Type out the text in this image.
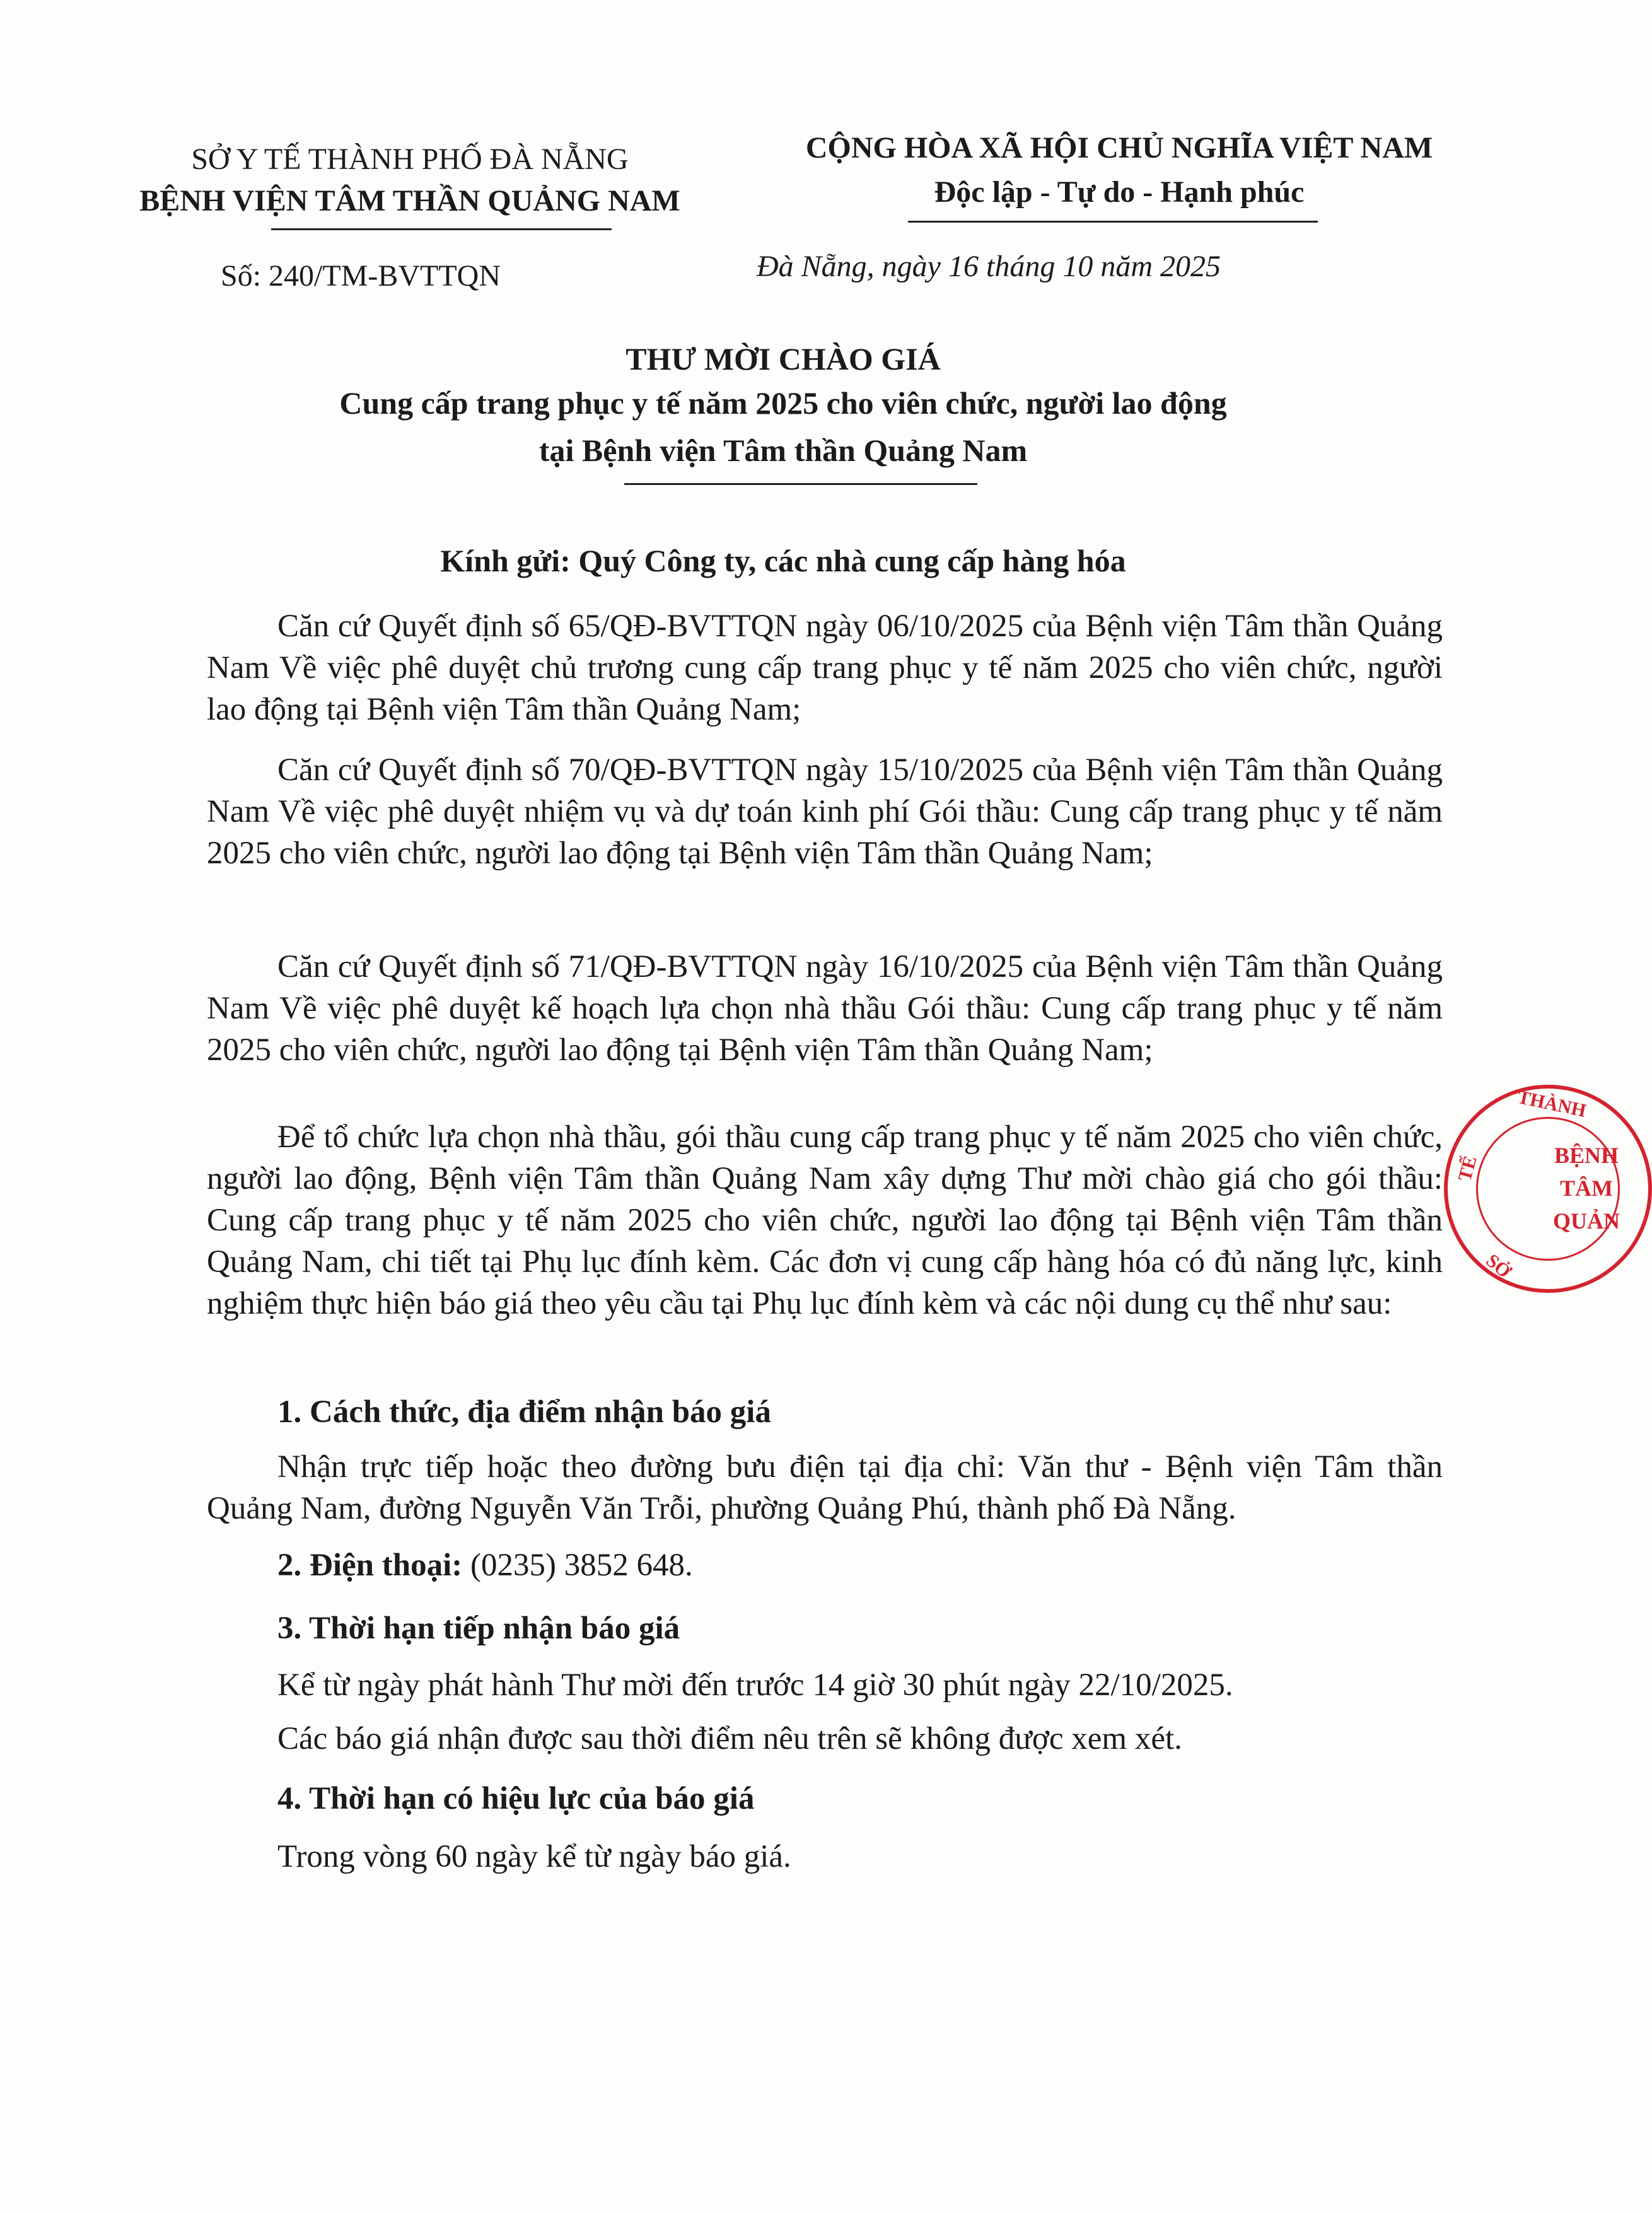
SỞ Y TẾ THÀNH PHỐ ĐÀ NẴNG
BỆNH VIỆN TÂM THẦN QUẢNG NAM
CỘNG HÒA XÃ HỘI CHỦ NGHĨA VIỆT NAM
Độc lập - Tự do - Hạnh phúc
Số: 240/TM-BVTTQN	Đà Nẵng, ngày 16 tháng 10 năm 2025
THƯ MỜI CHÀO GIÁ
Cung cấp trang phục y tế năm 2025 cho viên chức, người lao động
tại Bệnh viện Tâm thần Quảng Nam
Kính gửi: Quý Công ty, các nhà cung cấp hàng hóa
Căn cứ Quyết định số 65/QĐ-BVTTQN ngày 06/10/2025 của Bệnh viện Tâm thần Quảng Nam Về việc phê duyệt chủ trương cung cấp trang phục y tế năm 2025 cho viên chức, người lao động tại Bệnh viện Tâm thần Quảng Nam;
Căn cứ Quyết định số 70/QĐ-BVTTQN ngày 15/10/2025 của Bệnh viện Tâm thần Quảng Nam Về việc phê duyệt nhiệm vụ và dự toán kinh phí Gói thầu: Cung cấp trang phục y tế năm 2025 cho viên chức, người lao động tại Bệnh viện Tâm thần Quảng Nam;
Căn cứ Quyết định số 71/QĐ-BVTTQN ngày 16/10/2025 của Bệnh viện Tâm thần Quảng Nam Về việc phê duyệt kế hoạch lựa chọn nhà thầu Gói thầu: Cung cấp trang phục y tế năm 2025 cho viên chức, người lao động tại Bệnh viện Tâm thần Quảng Nam;
Để tổ chức lựa chọn nhà thầu, gói thầu cung cấp trang phục y tế năm 2025 cho viên chức, người lao động, Bệnh viện Tâm thần Quảng Nam xây dựng Thư mời chào giá cho gói thầu: Cung cấp trang phục y tế năm 2025 cho viên chức, người lao động tại Bệnh viện Tâm thần Quảng Nam, chi tiết tại Phụ lục đính kèm. Các đơn vị cung cấp hàng hóa có đủ năng lực, kinh nghiệm thực hiện báo giá theo yêu cầu tại Phụ lục đính kèm và các nội dung cụ thể như sau:
1. Cách thức, địa điểm nhận báo giá
Nhận trực tiếp hoặc theo đường bưu điện tại địa chỉ: Văn thư - Bệnh viện Tâm thần Quảng Nam, đường Nguyễn Văn Trỗi, phường Quảng Phú, thành phố Đà Nẵng.
2. Điện thoại: (0235) 3852 648.
3. Thời hạn tiếp nhận báo giá
Kể từ ngày phát hành Thư mời đến trước 14 giờ 30 phút ngày 22/10/2025.
Các báo giá nhận được sau thời điểm nêu trên sẽ không được xem xét.
4. Thời hạn có hiệu lực của báo giá
Trong vòng 60 ngày kể từ ngày báo giá.
BỆNH
TÂM
QUẢN
THÀNH
TẾ
SỞ
